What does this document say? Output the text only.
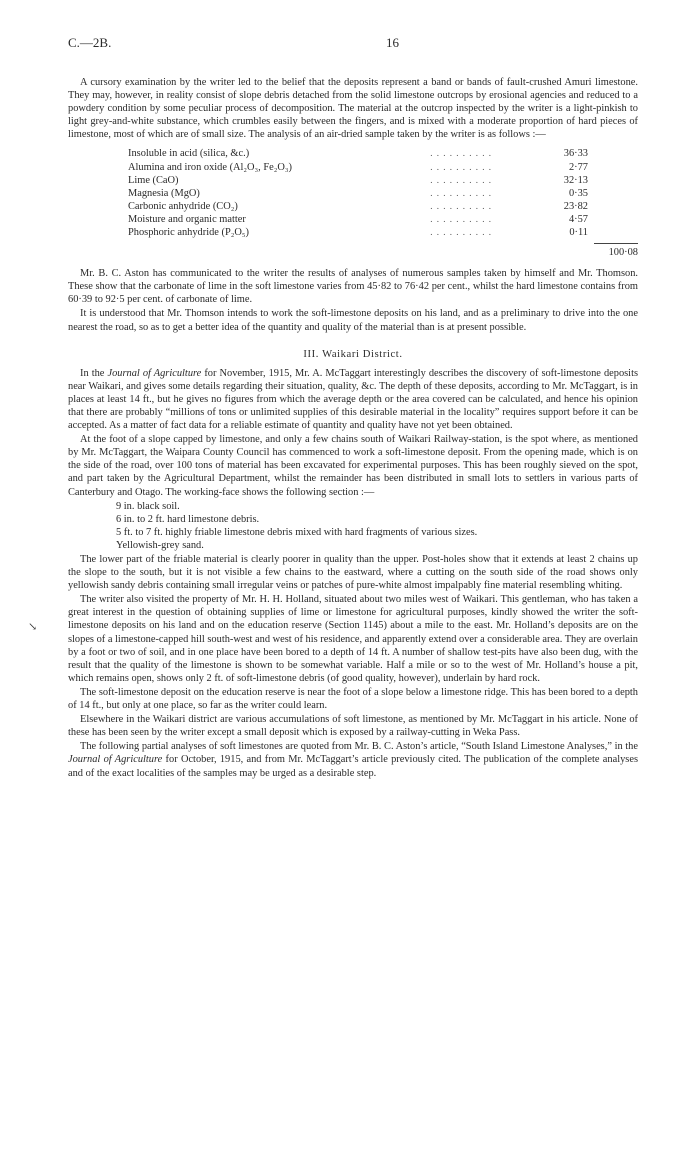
C.—2B.	16
↘

A cursory examination by the writer led to the belief that the deposits represent a band or bands of fault-crushed Amuri limestone. They may, however, in reality consist of slope debris detached from the solid limestone outcrops by erosional agencies and reduced to a powdery condition by some peculiar process of decomposition. The material at the outcrop inspected by the writer is a light-pinkish to light grey-and-white substance, which crumbles easily between the fingers, and is mixed with a moderate proportion of hard pieces of limestone, most of which are of small size. The analysis of an air-dried sample taken by the writer is as follows :—

Insoluble in acid (silica, &c.)	. . . . . . . . . .	36·33
Alumina and iron oxide (Al₂O₃, Fe₂O₃)	. . . . . . . . . .	2·77
Lime (CaO)	. . . . . . . . . .	32·13
Magnesia (MgO)	. . . . . . . . . .	0·35
Carbonic anhydride (CO₂)	. . . . . . . . . .	23·82
Moisture and organic matter	. . . . . . . . . .	4·57
Phosphoric anhydride (P₂O₅)	. . . . . . . . . .	0·11
100·08

Mr. B. C. Aston has communicated to the writer the results of analyses of numerous samples taken by himself and Mr. Thomson. These show that the carbonate of lime in the soft limestone varies from 45·82 to 76·42 per cent., whilst the hard limestone contains from 60·39 to 92·5 per cent. of carbonate of lime.

It is understood that Mr. Thomson intends to work the soft-limestone deposits on his land, and as a preliminary to drive into the one nearest the road, so as to get a better idea of the quantity and quality of the material than is at present possible.

III. Waikari District.

In the Journal of Agriculture for November, 1915, Mr. A. McTaggart interestingly describes the discovery of soft-limestone deposits near Waikari, and gives some details regarding their situation, quality, &c. The depth of these deposits, according to Mr. McTaggart, is in places at least 14 ft., but he gives no figures from which the average depth or the area covered can be calculated, and hence his opinion that there are probably “millions of tons or unlimited supplies of this desirable material in the locality” requires support before it can be accepted. As a matter of fact data for a reliable estimate of quantity and quality have not yet been obtained.

At the foot of a slope capped by limestone, and only a few chains south of Waikari Railway-station, is the spot where, as mentioned by Mr. McTaggart, the Waipara County Council has commenced to work a soft-limestone deposit. From the opening made, which is on the side of the road, over 100 tons of material has been excavated for experimental purposes. This has been roughly sieved on the spot, and part taken by the Agricultural Department, whilst the remainder has been distributed in small lots to settlers in various parts of Canterbury and Otago. The working-face shows the following section :—

9 in. black soil.
6 in. to 2 ft. hard limestone debris.
5 ft. to 7 ft. highly friable limestone debris mixed with hard fragments of various sizes.
Yellowish-grey sand.

The lower part of the friable material is clearly poorer in quality than the upper. Post-holes show that it extends at least 2 chains up the slope to the south, but it is not visible a few chains to the eastward, where a cutting on the south side of the road shows only yellowish sandy debris containing small irregular veins or patches of pure-white almost impalpably fine material resembling whiting.

The writer also visited the property of Mr. H. H. Holland, situated about two miles west of Waikari. This gentleman, who has taken a great interest in the question of obtaining supplies of lime or limestone for agricultural purposes, kindly showed the writer the soft-limestone deposits on his land and on the education reserve (Section 1145) about a mile to the east. Mr. Holland’s deposits are on the slopes of a limestone-capped hill south-west and west of his residence, and apparently extend over a considerable area. They are overlain by a foot or two of soil, and in one place have been bored to a depth of 14 ft. A number of shallow test-pits have also been dug, with the result that the quality of the limestone is shown to be somewhat variable. Half a mile or so to the west of Mr. Holland’s house a pit, which remains open, shows only 2 ft. of soft-limestone debris (of good quality, however), underlain by hard rock.

The soft-limestone deposit on the education reserve is near the foot of a slope below a limestone ridge. This has been bored to a depth of 14 ft., but only at one place, so far as the writer could learn.

Elsewhere in the Waikari district are various accumulations of soft limestone, as mentioned by Mr. McTaggart in his article. None of these has been seen by the writer except a small deposit which is exposed by a railway-cutting in Weka Pass.

The following partial analyses of soft limestones are quoted from Mr. B. C. Aston’s article, “South Island Limestone Analyses,” in the Journal of Agriculture for October, 1915, and from Mr. McTaggart’s article previously cited. The publication of the complete analyses and of the exact localities of the samples may be urged as a desirable step.
